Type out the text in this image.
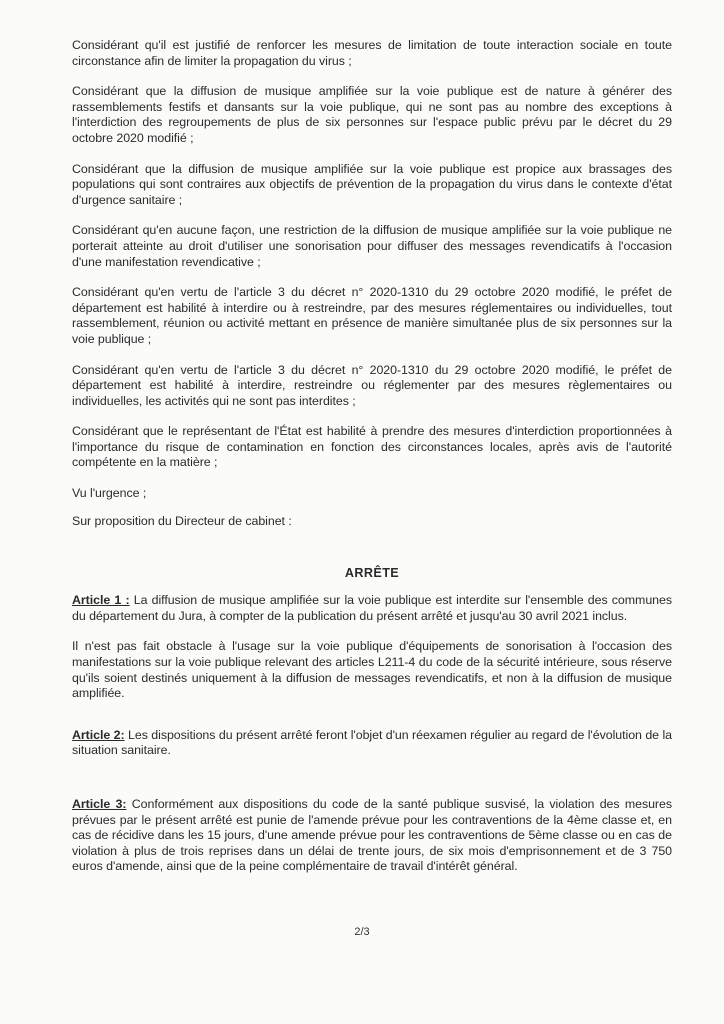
Considérant qu'il est justifié de renforcer les mesures de limitation de toute interaction sociale en toute circonstance afin de limiter la propagation du virus ;

Considérant que la diffusion de musique amplifiée sur la voie publique est de nature à générer des rassemblements festifs et dansants sur la voie publique, qui ne sont pas au nombre des exceptions à l'interdiction des regroupements de plus de six personnes sur l'espace public prévu par le décret du 29 octobre 2020 modifié ;

Considérant que la diffusion de musique amplifiée sur la voie publique est propice aux brassages des populations qui sont contraires aux objectifs de prévention de la propagation du virus dans le contexte d'état d'urgence sanitaire ;

Considérant qu'en aucune façon, une restriction de la diffusion de musique amplifiée sur la voie publique ne porterait atteinte au droit d'utiliser une sonorisation pour diffuser des messages revendicatifs à l'occasion d'une manifestation revendicative ;

Considérant qu'en vertu de l'article 3 du décret n° 2020-1310 du 29 octobre 2020 modifié, le préfet de département est habilité à interdire ou à restreindre, par des mesures réglementaires ou individuelles, tout rassemblement, réunion ou activité mettant en présence de manière simultanée plus de six personnes sur la voie publique ;

Considérant qu'en vertu de l'article 3 du décret n° 2020-1310 du 29 octobre 2020 modifié, le préfet de département est habilité à interdire, restreindre ou réglementer par des mesures règlementaires ou individuelles, les activités qui ne sont pas interdites ;

Considérant que le représentant de l'État est habilité à prendre des mesures d'interdiction proportionnées à l'importance du risque de contamination en fonction des circonstances locales, après avis de l'autorité compétente en la matière ;

Vu l'urgence ;

Sur proposition du Directeur de cabinet :

ARRÊTE

Article 1 : La diffusion de musique amplifiée sur la voie publique est interdite sur l'ensemble des communes du département du Jura, à compter de la publication du présent arrêté et jusqu'au 30 avril 2021 inclus.

Il n'est pas fait obstacle à l'usage sur la voie publique d'équipements de sonorisation à l'occasion des manifestations sur la voie publique relevant des articles L211-4 du code de la sécurité intérieure, sous réserve qu'ils soient destinés uniquement à la diffusion de messages revendicatifs, et non à la diffusion de musique amplifiée.

Article 2: Les dispositions du présent arrêté feront l'objet d'un réexamen régulier au regard de l'évolution de la situation sanitaire.

Article 3: Conformément aux dispositions du code de la santé publique susvisé, la violation des mesures prévues par le présent arrêté est punie de l'amende prévue pour les contraventions de la 4ème classe et, en cas de récidive dans les 15 jours, d'une amende prévue pour les contraventions de 5ème classe ou en cas de violation à plus de trois reprises dans un délai de trente jours, de six mois d'emprisonnement et de 3 750 euros d'amende, ainsi que de la peine complémentaire de travail d'intérêt général.

2/3
